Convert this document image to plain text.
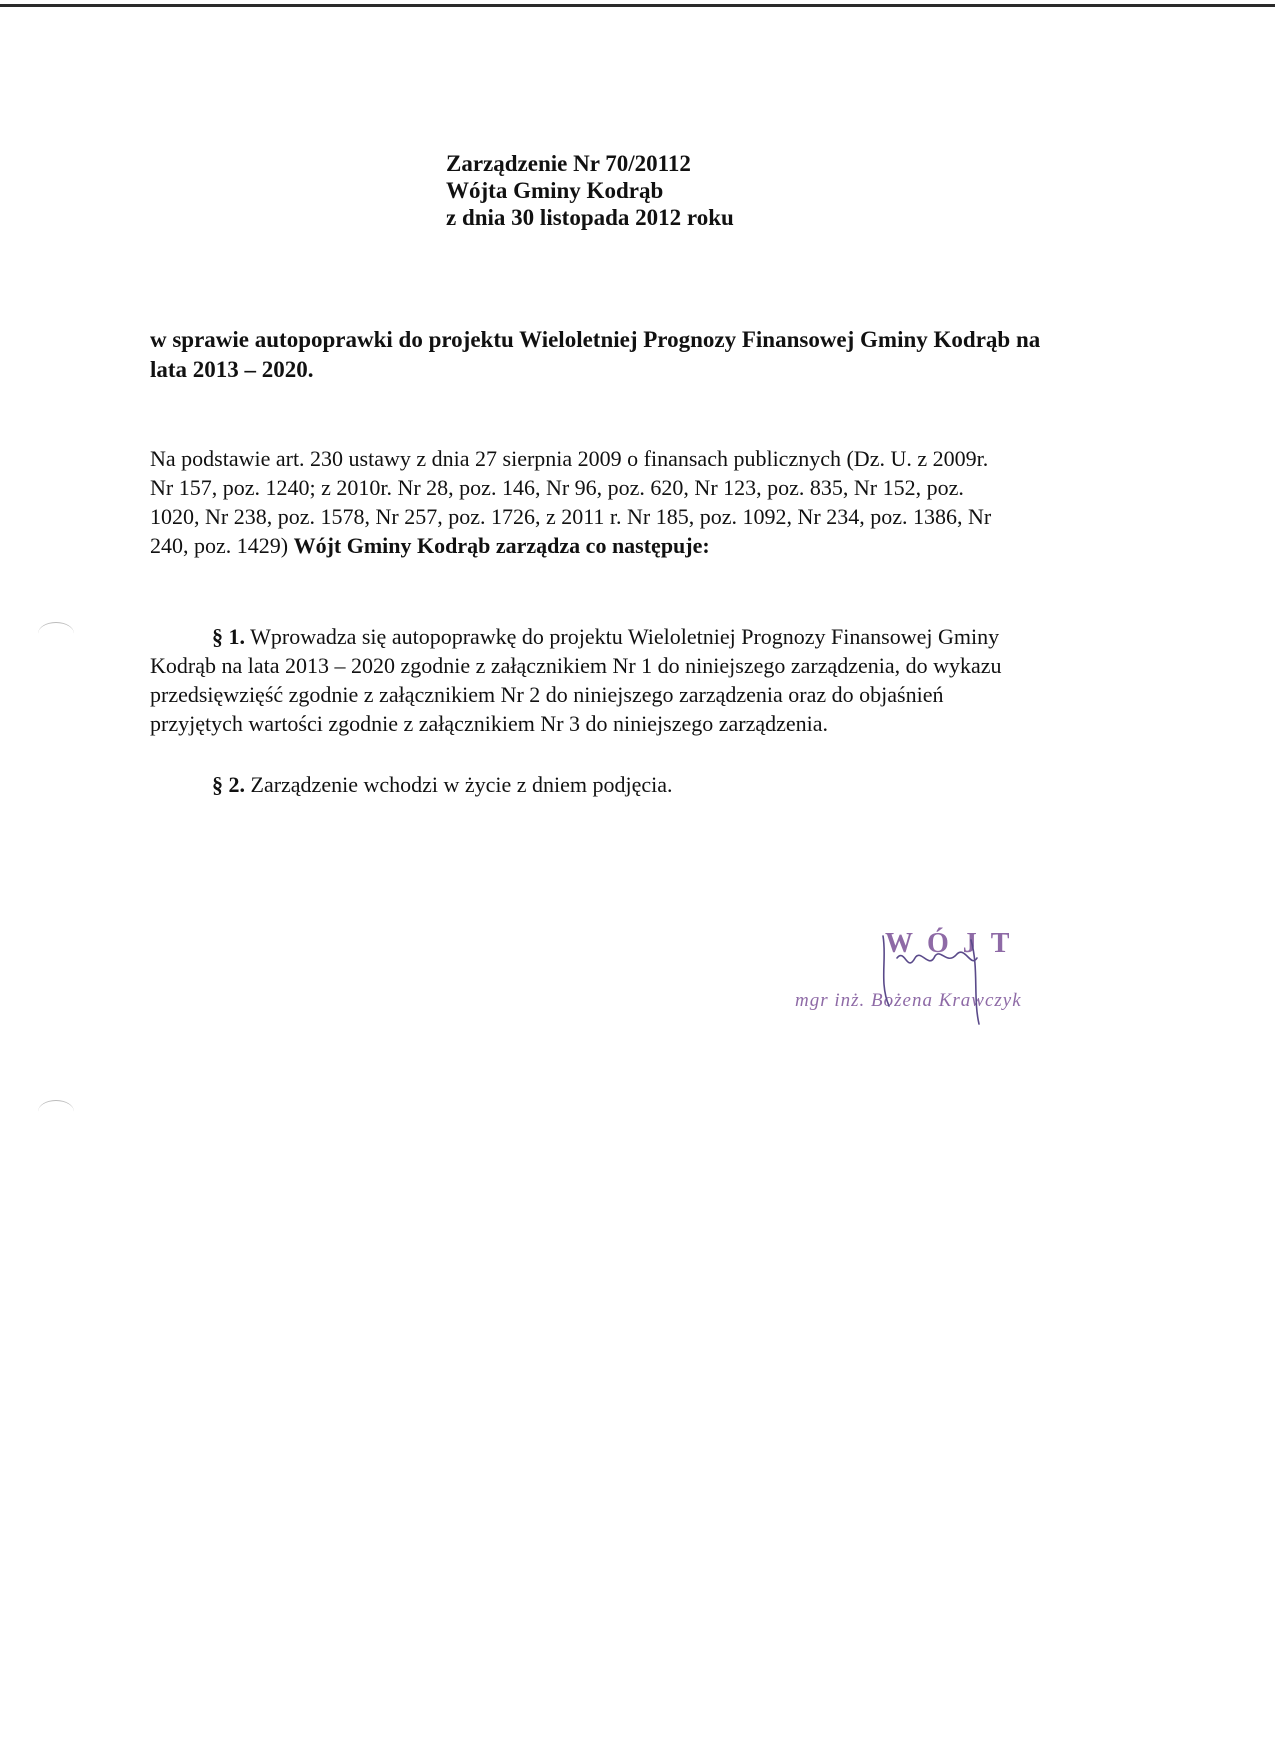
Zarządzenie Nr 70/20112
Wójta Gminy Kodrąb
z dnia 30 listopada 2012 roku

w sprawie autopoprawki do projektu Wieloletniej Prognozy Finansowej Gminy Kodrąb na

lata 2013 – 2020.

Na podstawie art. 230 ustawy z dnia 27 sierpnia 2009 o finansach publicznych (Dz. U. z 2009r.

Nr 157, poz. 1240; z 2010r. Nr 28, poz. 146, Nr 96, poz. 620, Nr 123, poz. 835, Nr 152, poz.

1020, Nr 238, poz. 1578, Nr 257, poz. 1726, z 2011 r. Nr 185, poz. 1092, Nr 234, poz. 1386, Nr

240, poz. 1429) Wójt Gminy Kodrąb zarządza co następuje:

§ 1. Wprowadza się autopoprawkę do projektu Wieloletniej Prognozy Finansowej Gminy

Kodrąb na lata 2013 – 2020 zgodnie z załącznikiem Nr 1 do niniejszego zarządzenia, do wykazu

przedsięwzięść zgodnie z załącznikiem Nr 2 do niniejszego zarządzenia oraz do objaśnień

przyjętych wartości zgodnie z załącznikiem Nr 3 do niniejszego zarządzenia.

§ 2. Zarządzenie wchodzi w życie z dniem podjęcia.

WÓJT
mgr inż. Bożena Krawczyk
